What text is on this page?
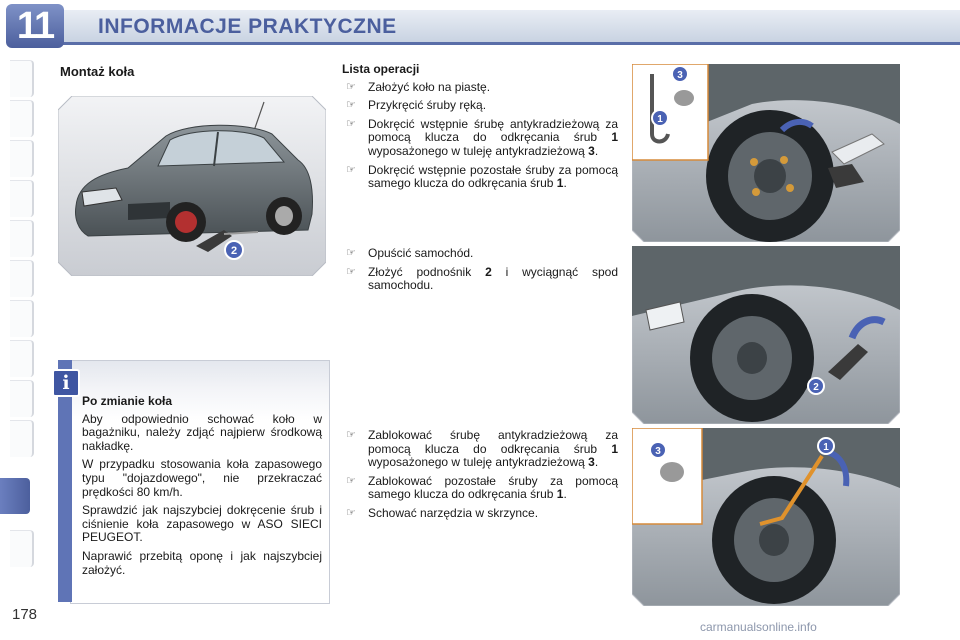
11	INFORMACJE PRAKTYCZNE
178
Montaż koła
2
i
Po zmianie koła

Aby odpowiednio schować koło w bagażniku, należy zdjąć najpierw środkową nakładkę.

W przypadku stosowania koła zapasowego typu "dojazdowego", nie przekraczać prędkości 80 km/h.

Sprawdzić jak najszybciej dokręcenie śrub i ciśnienie koła zapasowego w ASO SIECI PEUGEOT.

Naprawić przebitą oponę i jak najszybciej założyć.

Lista operacji
☞ Założyć koło na piastę.
☞ Przykręcić śruby ręką.
☞ Dokręcić wstępnie śrubę antykradzieżową za pomocą klucza do odkręcania śrub 1 wyposażonego w tuleję antykradzieżową 3.
☞ Dokręcić wstępnie pozostałe śruby za pomocą samego klucza do odkręcania śrub 1.
☞ Opuścić samochód.
☞ Złożyć podnośnik 2 i wyciągnąć spod samochodu.
☞ Zablokować śrubę antykradzieżową za pomocą klucza do odkręcania śrub 1 wyposażonego w tuleję antykradzieżową 3.
☞ Zablokować pozostałe śruby za pomocą samego klucza do odkręcania śrub 1.
☞ Schować narzędzia w skrzynce.
3
1
2
3	1
carmanualsonline.info
